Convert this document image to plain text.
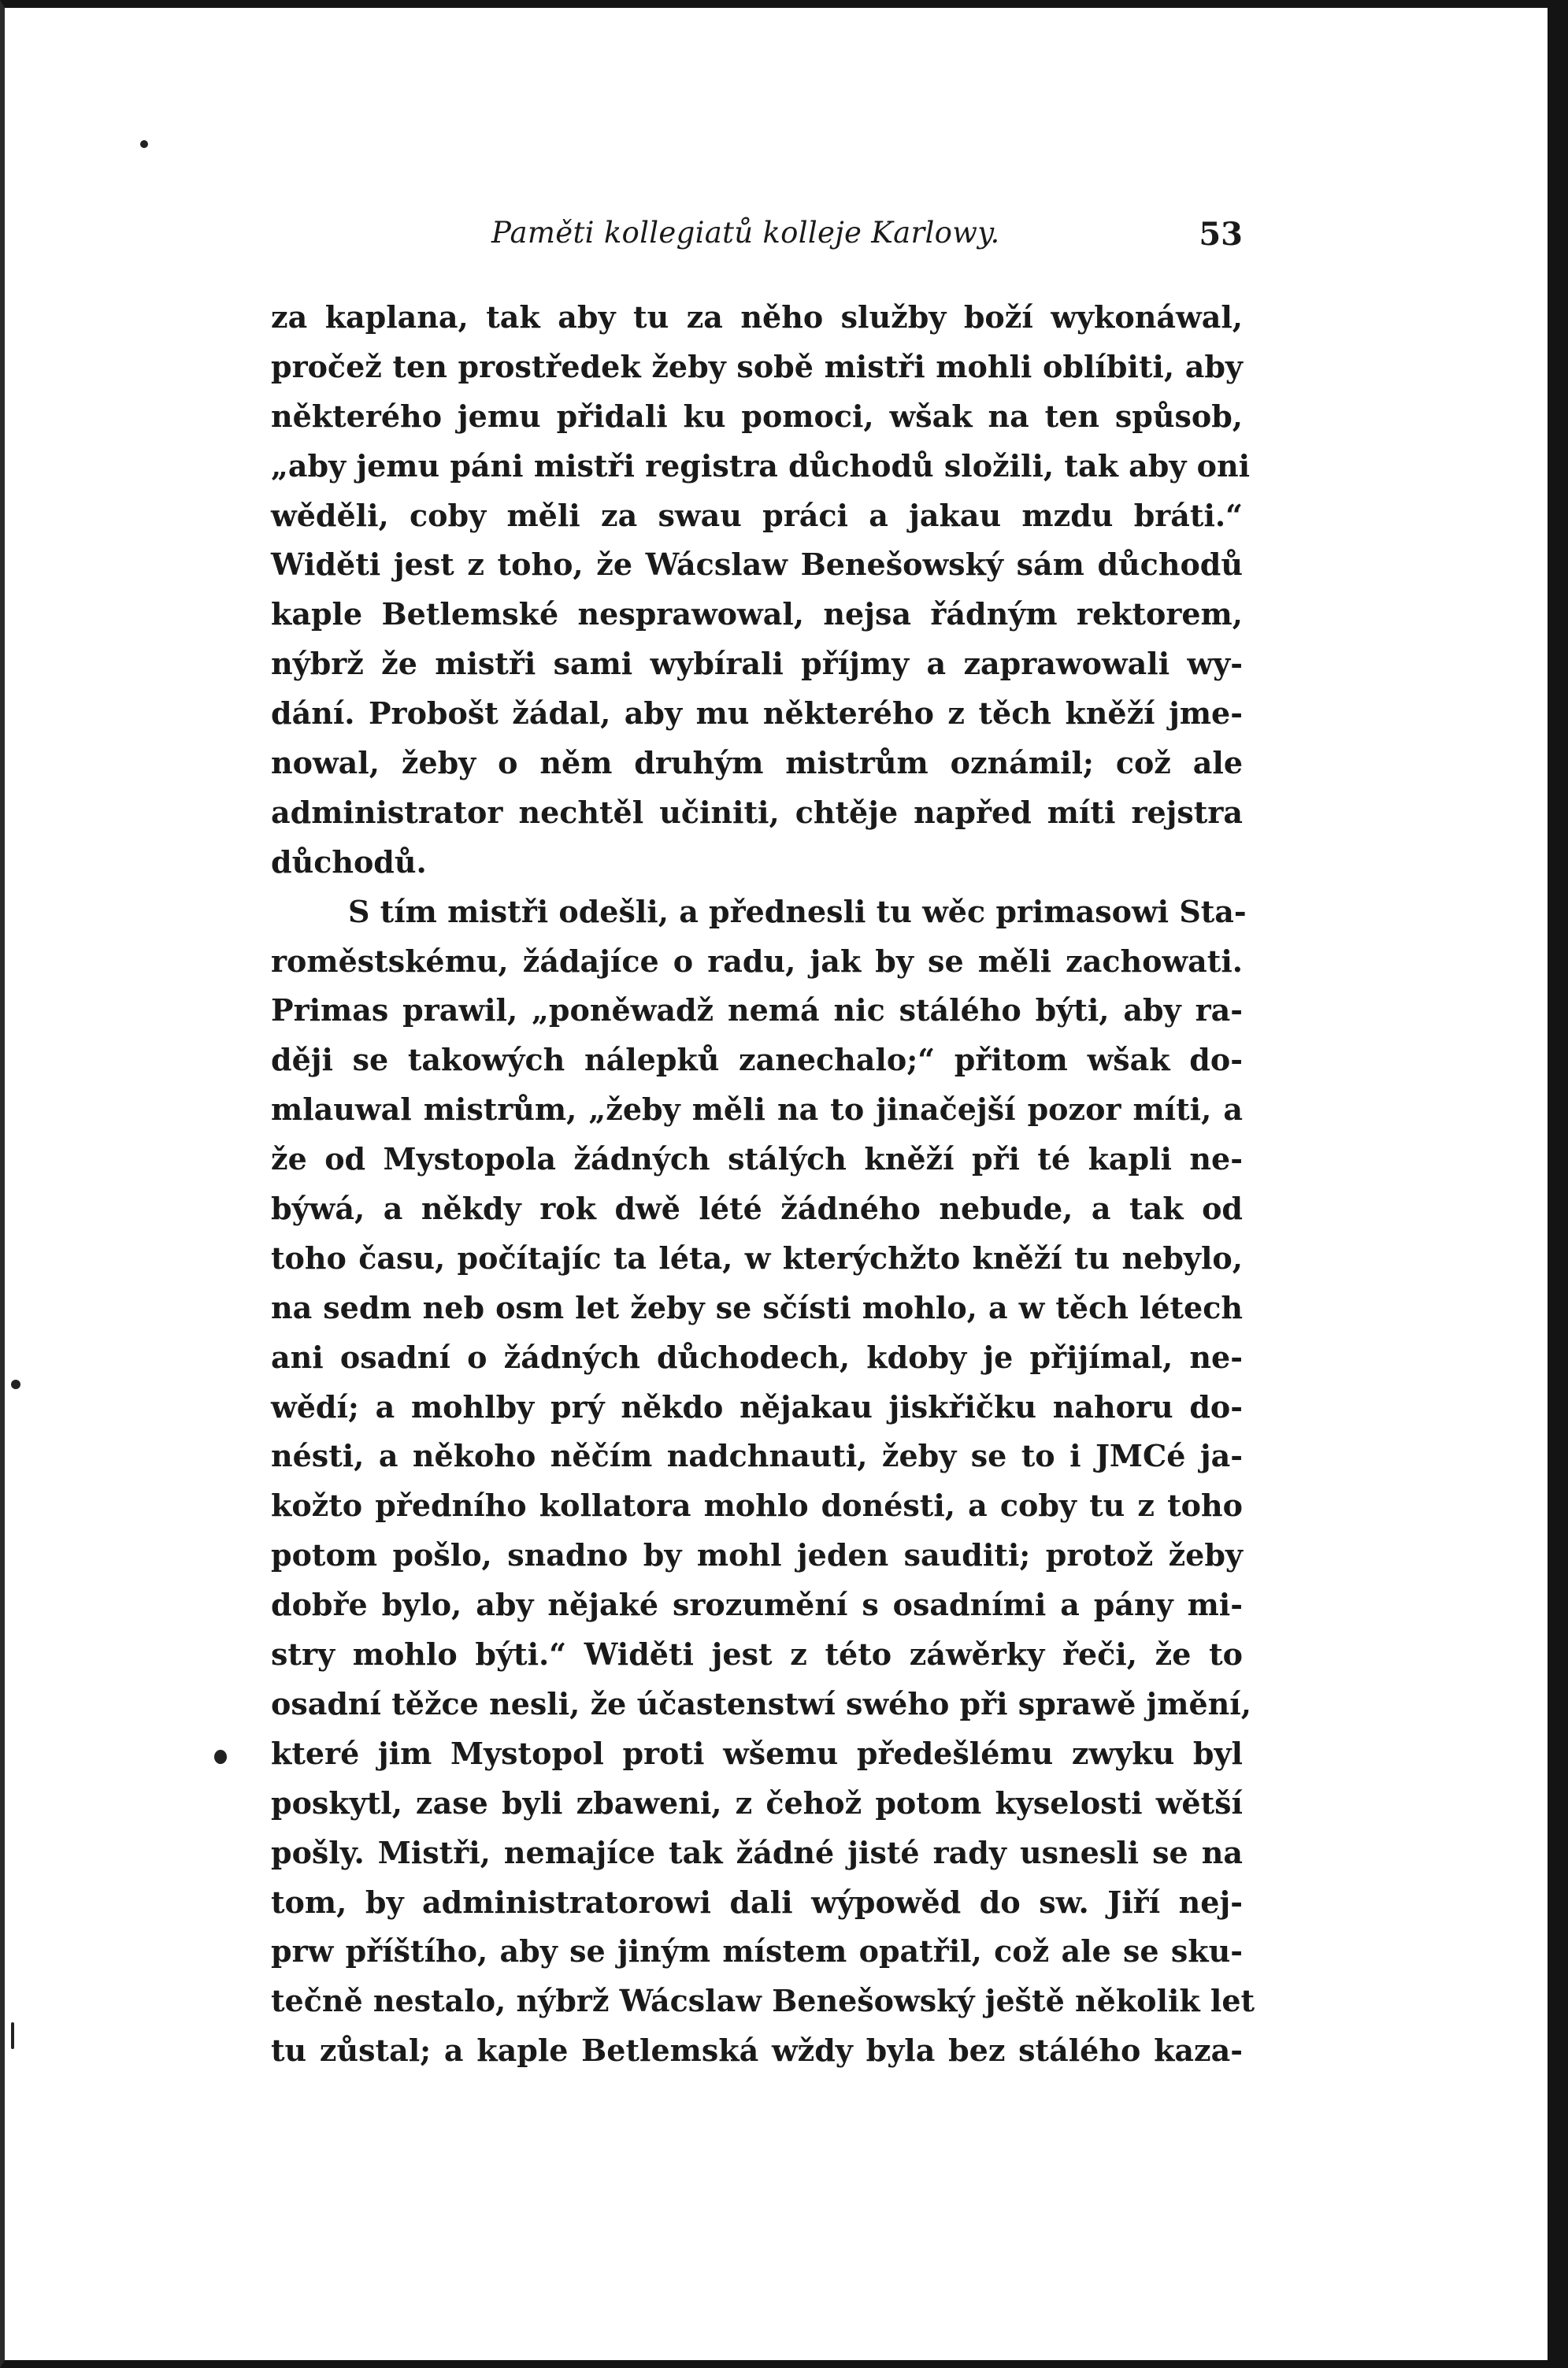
Paměti kollegiatů kolleje Karlowy.	53
za kaplana, tak aby tu za něho služby boží wykonáwal,
pročež ten prostředek žeby sobě mistři mohli oblíbiti, aby
některého jemu přidali ku pomoci, wšak na ten spůsob,
„aby jemu páni mistři registra důchodů složili, tak aby oni
wěděli, coby měli za swau práci a jakau mzdu bráti.“
Widěti jest z toho, že Wácslaw Benešowský sám důchodů
kaple Betlemské nesprawowal, nejsa řádným rektorem,
nýbrž že mistři sami wybírali příjmy a zaprawowali wy-
dání. Probošt žádal, aby mu některého z těch kněží jme-
nowal, žeby o něm druhým mistrům oznámil; což ale
administrator nechtěl učiniti, chtěje napřed míti rejstra
důchodů.
S tím mistři odešli, a přednesli tu wěc primasowi Sta-
roměstskému, žádajíce o radu, jak by se měli zachowati.
Primas prawil, „poněwadž nemá nic stálého býti, aby ra-
ději se takowých nálepků zanechalo;“ přitom wšak do-
mlauwal mistrům, „žeby měli na to jinačejší pozor míti, a
že od Mystopola žádných stálých kněží při té kapli ne-
býwá, a někdy rok dwě lété žádného nebude, a tak od
toho času, počítajíc ta léta, w kterýchžto kněží tu nebylo,
na sedm neb osm let žeby se sčísti mohlo, a w těch létech
ani osadní o žádných důchodech, kdoby je přijímal, ne-
wědí; a mohlby prý někdo nějakau jiskřičku nahoru do-
nésti, a někoho něčím nadchnauti, žeby se to i JMCé ja-
kožto předního kollatora mohlo donésti, a coby tu z toho
potom pošlo, snadno by mohl jeden sauditi; protož žeby
dobře bylo, aby nějaké srozumění s osadními a pány mi-
stry mohlo býti.“ Widěti jest z této záwěrky řeči, že to
osadní těžce nesli, že účastenstwí swého při sprawě jmění,
které jim Mystopol proti wšemu předešlému zwyku byl
poskytl, zase byli zbaweni, z čehož potom kyselosti wětší
pošly. Mistři, nemajíce tak žádné jisté rady usnesli se na
tom, by administratorowi dali wýpowěd do sw. Jiří nej-
prw příštího, aby se jiným místem opatřil, což ale se sku-
tečně nestalo, nýbrž Wácslaw Benešowský ještě několik let
tu zůstal; a kaple Betlemská wždy byla bez stálého kaza-
